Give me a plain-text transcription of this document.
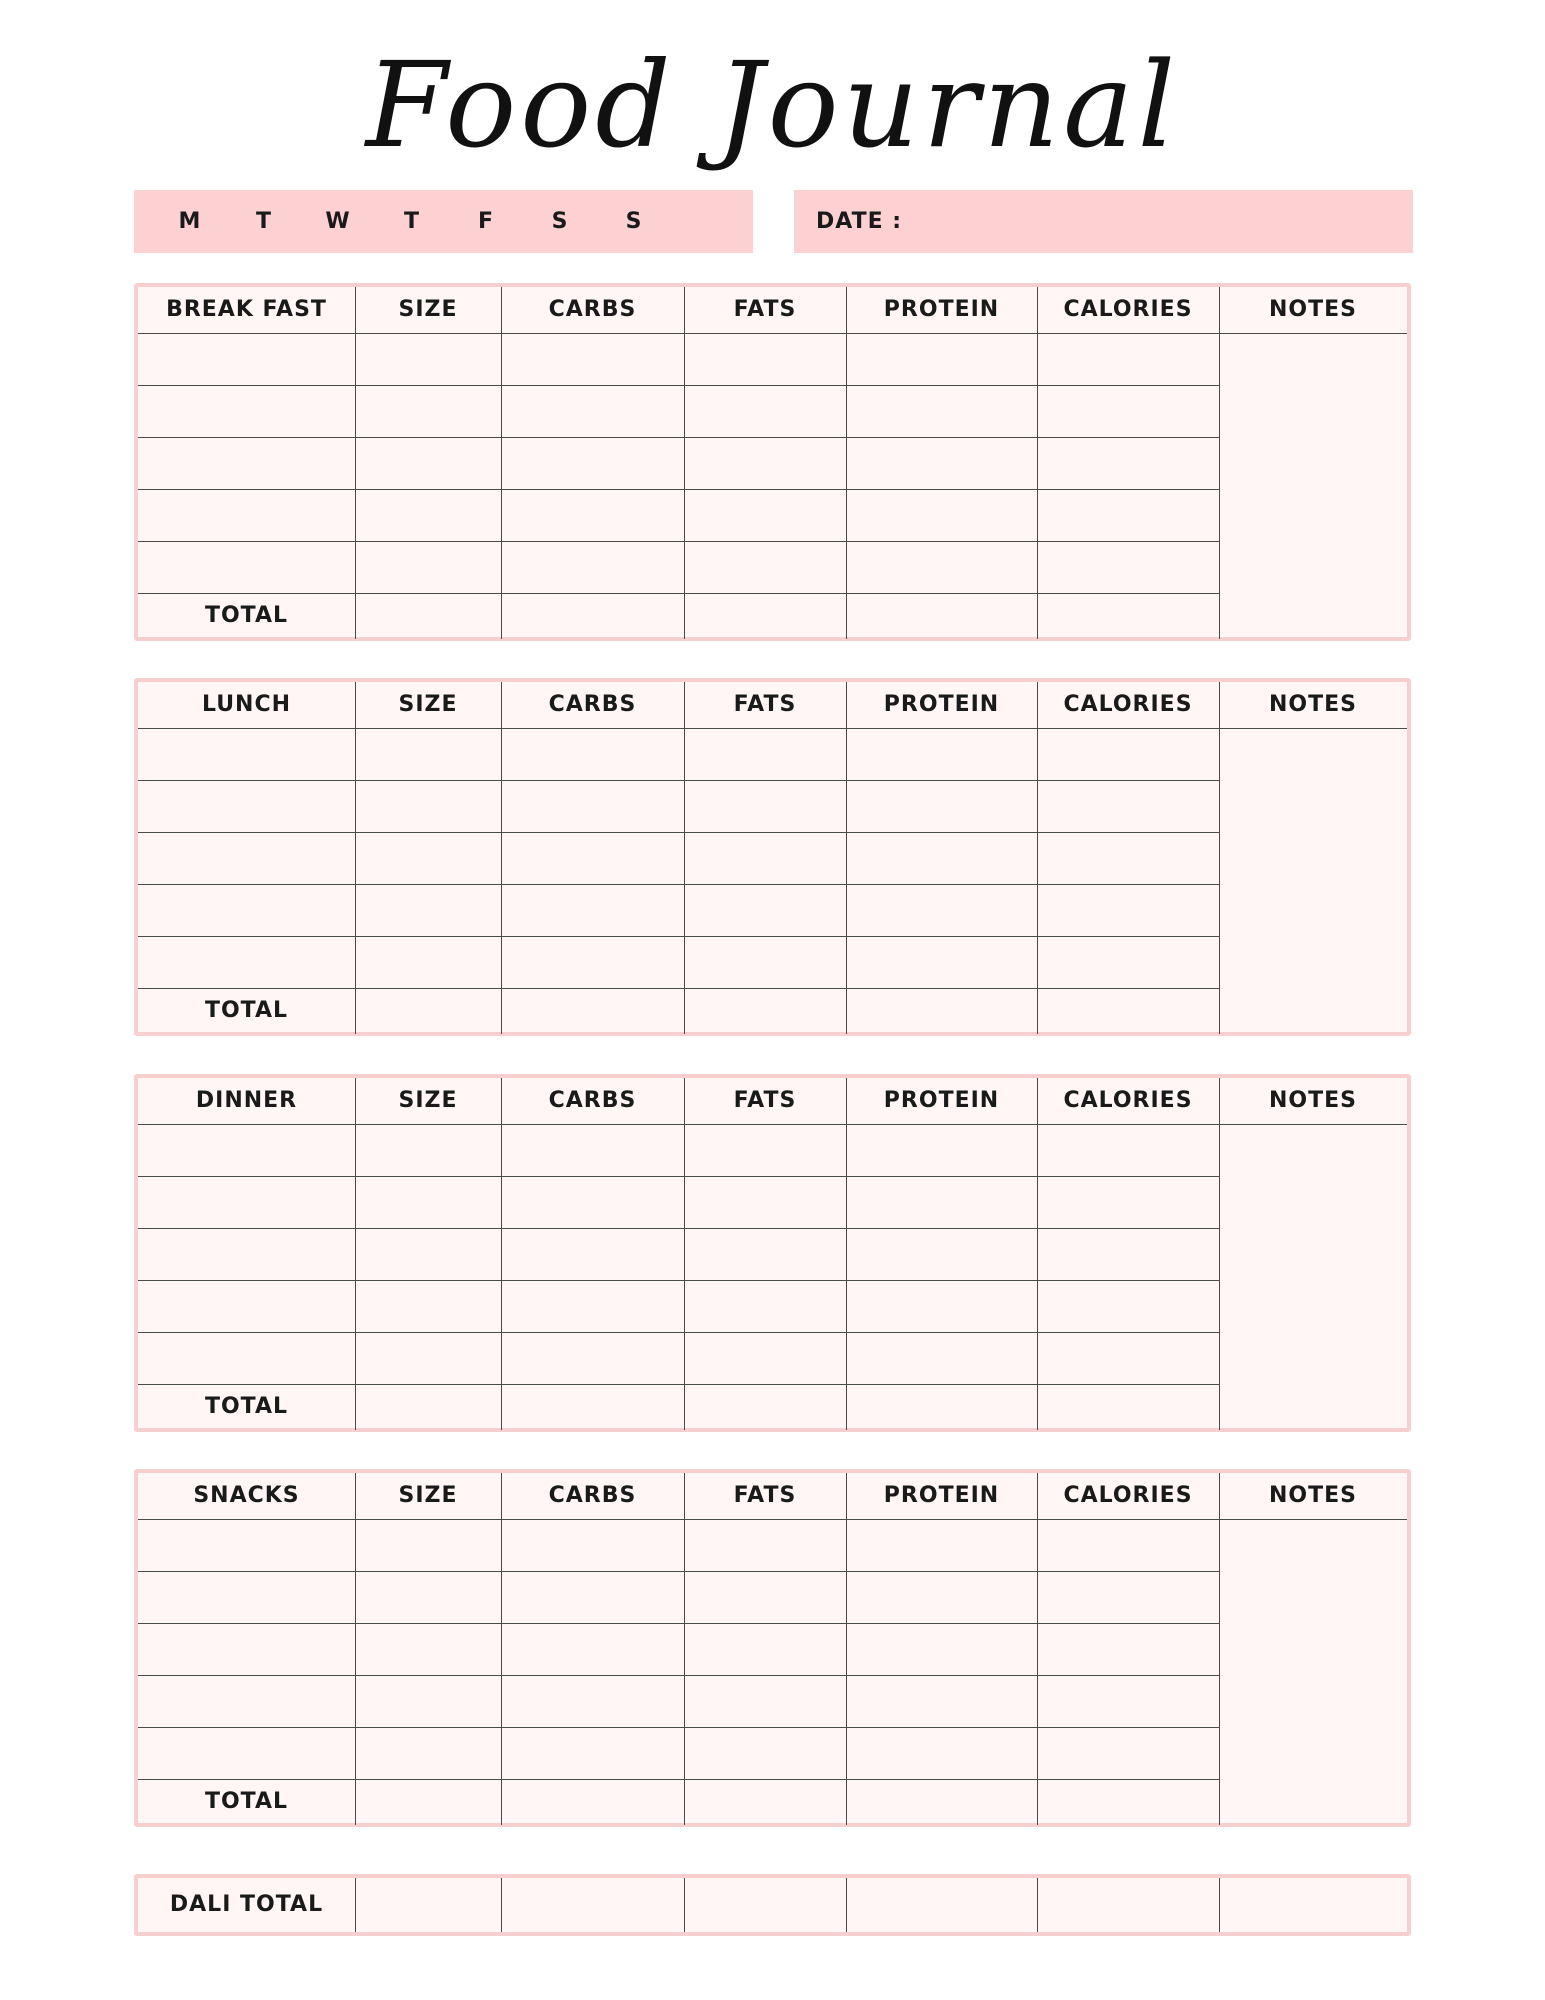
Food Journal
M	T	W	T	F	S	S	DATE :
BREAK FAST	SIZE	CARBS	FATS	PROTEIN	CALORIES	NOTES
TOTAL
LUNCH	SIZE	CARBS	FATS	PROTEIN	CALORIES	NOTES
TOTAL
DINNER	SIZE	CARBS	FATS	PROTEIN	CALORIES	NOTES
TOTAL
SNACKS	SIZE	CARBS	FATS	PROTEIN	CALORIES	NOTES
TOTAL
DALI TOTAL
